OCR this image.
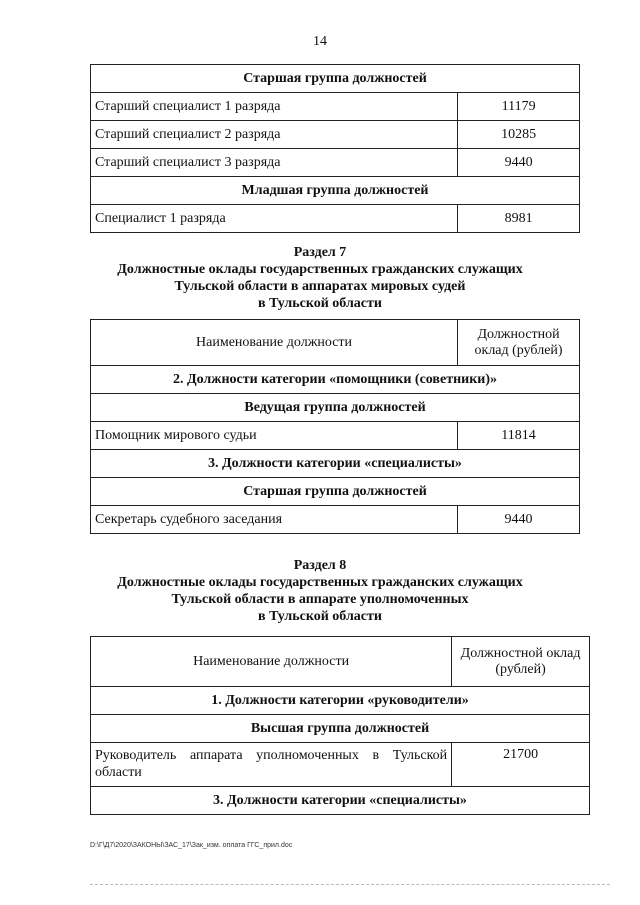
14
Старшая группа должностей	
Старший специалист 1 разряда	11179
Старший специалист 2 разряда	10285
Старший специалист 3 разряда	9440
Младшая группа должностей	
Специалист 1 разряда	8981
Раздел 7
Должностные оклады государственных гражданских служащих
Тульской области в аппаратах мировых судей
в Тульской области
Наименование должности	Должностной
оклад (рублей)

2. Должности категории «помощники (советники)»	
Ведущая группа должностей	
Помощник мирового судьи	11814
3. Должности категории «специалисты»	
Старшая группа должностей	
Секретарь судебного заседания	9440
Раздел 8
Должностные оклады государственных гражданских служащих
Тульской области в аппарате уполномоченных
в Тульской области
Наименование должности	Должностной оклад
(рублей)

1. Должности категории «руководители»	
Высшая группа должностей	

Руководитель аппарата уполномоченных в Тульской
области	21700
3. Должности категории «специалисты»	
D:\Г\Д7\2020\ЗАКОНЫ\ЗАС_17\Зак_изм. оплата ГГС_прил.doc
